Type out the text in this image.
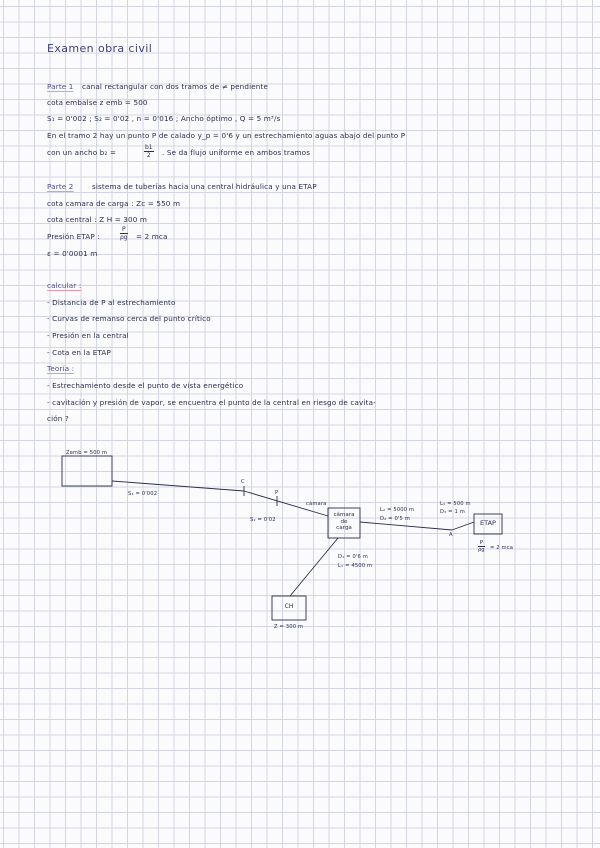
Examen obra civil
Parte 1 canal rectangular con dos tramos de ≠ pendiente
cota embalse z emb = 500
S₁ = 0'002 ; S₂ = 0'02 , n = 0'016 ; Ancho óptimo , Q = 5 m³/s
En el tramo 2 hay un punto P de calado y_p = 0'6 y un estrechamiento aguas abajo del punto P
con un ancho b₂ =	$\frac{b1}{2}$ . Se da flujo uniforme en ambos tramos
Parte 2	sistema de tuberías hacia una central hidráulica y una ETAP
cota camara de carga : Zc = 550 m
cota central : Z H = 300 m
Presión ETAP :	$\frac{P}{\rho g} = 2$ mca
ε = 0'0001 m
calcular :
- Distancia de P al estrechamiento
- Curvas de remanso cerca del punto crítico
- Presión en la central
- Cota en la ETAP
Teoría :
- Estrechamiento desde el punto de vista energético
- cavitación y presión de vapor, se encuentra el punto de la central en riesgo de cavita-
ción ?
Zemb = 500 m
S₁ = 0'002
C
P
S₂ = 0'02
cámara
cámara
de
carga
L₂ = 5000 m
D₂ = 0'5 m
L₃ = 500 m
D₃ = 1 m
A
ETAP
$\frac{P}{\rho g} = 2$ mca
D₁ = 0'6 m
L₁ = 4500 m
CH
Z = 300 m
